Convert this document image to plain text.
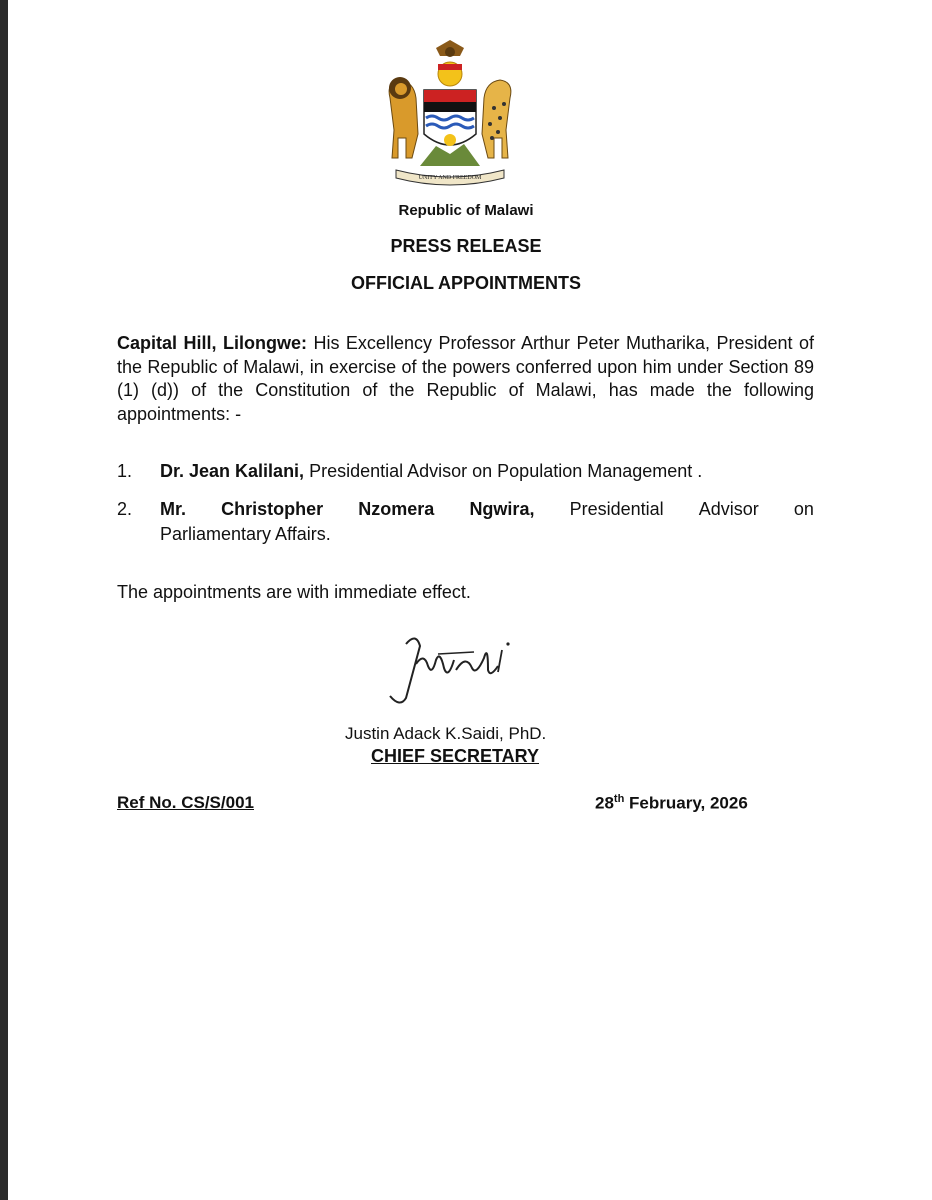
UNITY AND FREEDOM
Republic of Malawi
PRESS RELEASE
OFFICIAL APPOINTMENTS
Capital Hill, Lilongwe: His Excellency Professor Arthur Peter Mutharika, President of the Republic of Malawi, in exercise of the powers conferred upon him under Section 89 (1) (d)) of the Constitution of the Republic of Malawi, has made the following appointments: -
1. Dr. Jean Kalilani, Presidential Advisor on Population Management .
2. Mr. Christopher Nzomera Ngwira, Presidential Advisor on
Parliamentary Affairs.
The appointments are with immediate effect.
Justin Adack K.Saidi, PhD.
CHIEF SECRETARY
Ref No. CS/S/001	28th February, 2026
